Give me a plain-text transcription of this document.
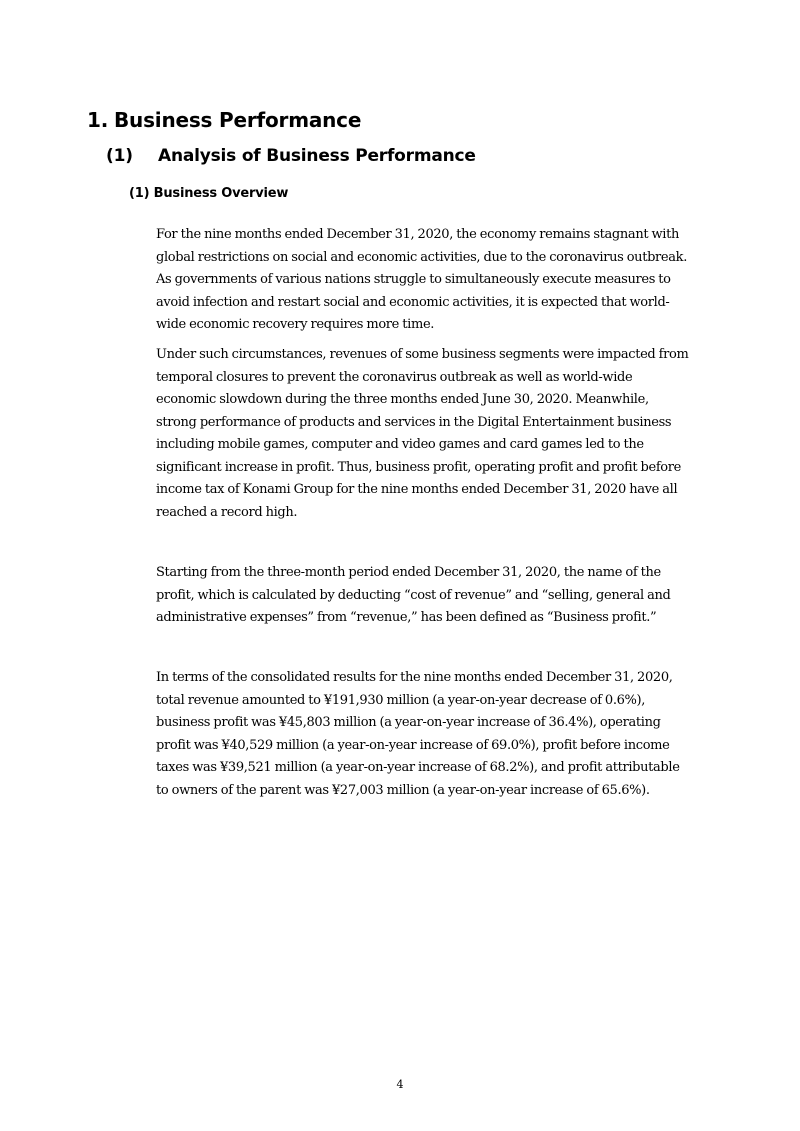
1. Business Performance
(1) Analysis of Business Performance
(1) Business Overview

For the nine months ended December 31, 2020, the economy remains stagnant with global restrictions on social and economic activities, due to the coronavirus outbreak. As governments of various nations struggle to simultaneously execute measures to avoid infection and restart social and economic activities, it is expected that world-wide economic recovery requires more time.

Under such circumstances, revenues of some business segments were impacted from temporal closures to prevent the coronavirus outbreak as well as world-wide economic slowdown during the three months ended June 30, 2020. Meanwhile, strong performance of products and services in the Digital Entertainment business including mobile games, computer and video games and card games led to the significant increase in profit. Thus, business profit, operating profit and profit before income tax of Konami Group for the nine months ended December 31, 2020 have all reached a record high.

Starting from the three-month period ended December 31, 2020, the name of the profit, which is calculated by deducting “cost of revenue” and “selling, general and administrative expenses” from “revenue,” has been defined as “Business profit.”

In terms of the consolidated results for the nine months ended December 31, 2020, total revenue amounted to ¥191,930 million (a year-on-year decrease of 0.6%), business profit was ¥45,803 million (a year-on-year increase of 36.4%), operating profit was ¥40,529 million (a year-on-year increase of 69.0%), profit before income taxes was ¥39,521 million (a year-on-year increase of 68.2%), and profit attributable to owners of the parent was ¥27,003 million (a year-on-year increase of 65.6%).

4
